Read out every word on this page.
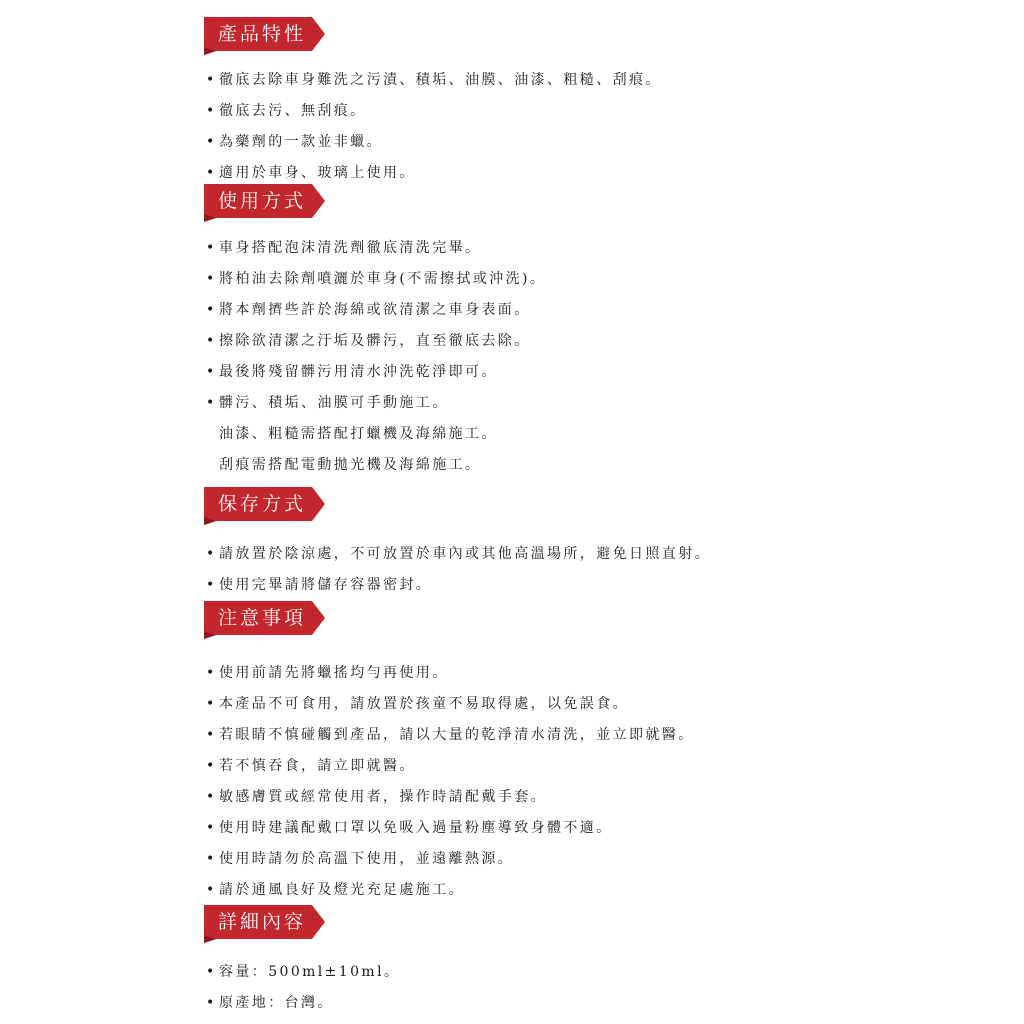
產品特性
• 徹底去除車身難洗之污漬、積垢、油膜、油漆、粗糙、刮痕。
• 徹底去污、無刮痕。
• 為藥劑的一款並非蠟。
• 適用於車身、玻璃上使用。
使用方式
• 車身搭配泡沫清洗劑徹底清洗完畢。
• 將柏油去除劑噴灑於車身(不需擦拭或沖洗)。
• 將本劑擠些許於海綿或欲清潔之車身表面。
• 擦除欲清潔之汙垢及髒污，直至徹底去除。
• 最後將殘留髒污用清水沖洗乾淨即可。
• 髒污、積垢、油膜可手動施工。
油漆、粗糙需搭配打蠟機及海綿施工。
刮痕需搭配電動拋光機及海綿施工。
保存方式
• 請放置於陰涼處，不可放置於車內或其他高溫場所，避免日照直射。
• 使用完畢請將儲存容器密封。
注意事項
• 使用前請先將蠟搖均勻再使用。
• 本產品不可食用，請放置於孩童不易取得處，以免誤食。
• 若眼睛不慎碰觸到產品，請以大量的乾淨清水清洗，並立即就醫。
• 若不慎吞食，請立即就醫。
• 敏感膚質或經常使用者，操作時請配戴手套。
• 使用時建議配戴口罩以免吸入過量粉塵導致身體不適。
• 使用時請勿於高溫下使用，並遠離熱源。
• 請於通風良好及燈光充足處施工。
詳細內容
• 容量：500ml±10ml。
• 原產地：台灣。
